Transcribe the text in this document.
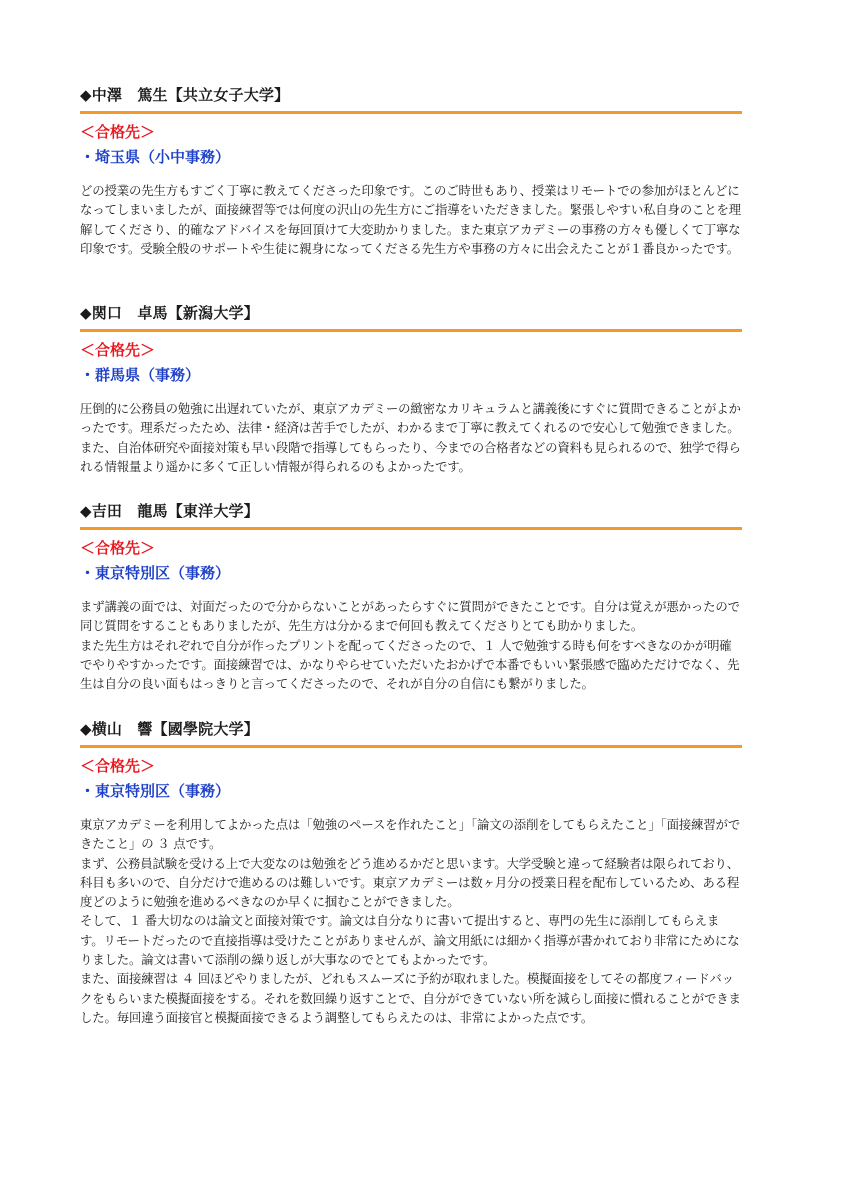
◆中澤　篤生【共立女子大学】
＜合格先＞
・埼玉県（小中事務）

どの授業の先生方もすごく丁寧に教えてくださった印象です。このご時世もあり、授業はリモートでの参加がほとんどになってしまいましたが、面接練習等では何度の沢山の先生方にご指導をいただきました。緊張しやすい私自身のことを理解してくださり、的確なアドバイスを毎回頂けて大変助かりました。また東京アカデミーの事務の方々も優しくて丁寧な印象です。受験全般のサポートや生徒に親身になってくださる先生方や事務の方々に出会えたことが１番良かったです。

◆関口　卓馬【新潟大学】
＜合格先＞
・群馬県（事務）

圧倒的に公務員の勉強に出遅れていたが、東京アカデミーの緻密なカリキュラムと講義後にすぐに質問できることがよかったです。理系だったため、法律・経済は苦手でしたが、わかるまで丁寧に教えてくれるので安心して勉強できました。また、自治体研究や面接対策も早い段階で指導してもらったり、今までの合格者などの資料も見られるので、独学で得られる情報量より遥かに多くて正しい情報が得られるのもよかったです。

◆吉田　龍馬【東洋大学】
＜合格先＞
・東京特別区（事務）

まず講義の面では、対面だったので分からないことがあったらすぐに質問ができたことです。自分は覚えが悪かったので同じ質問をすることもありましたが、先生方は分かるまで何回も教えてくださりとても助かりました。

また先生方はそれぞれで自分が作ったプリントを配ってくださったので、１ 人で勉強する時も何をすべきなのかが明確でやりやすかったです。面接練習では、かなりやらせていただいたおかげで本番でもいい緊張感で臨めただけでなく、先生は自分の良い面もはっきりと言ってくださったので、それが自分の自信にも繋がりました。

◆横山　響【國學院大学】
＜合格先＞
・東京特別区（事務）

東京アカデミーを利用してよかった点は「勉強のペースを作れたこと」「論文の添削をしてもらえたこと」「面接練習ができたこと」の ３ 点です。

まず、公務員試験を受ける上で大変なのは勉強をどう進めるかだと思います。大学受験と違って経験者は限られており、科目も多いので、自分だけで進めるのは難しいです。東京アカデミーは数ヶ月分の授業日程を配布しているため、ある程度どのように勉強を進めるべきなのか早くに掴むことができました。

そして、１ 番大切なのは論文と面接対策です。論文は自分なりに書いて提出すると、専門の先生に添削してもらえます。リモートだったので直接指導は受けたことがありませんが、論文用紙には細かく指導が書かれており非常にためになりました。論文は書いて添削の繰り返しが大事なのでとてもよかったです。

また、面接練習は ４ 回ほどやりましたが、どれもスムーズに予約が取れました。模擬面接をしてその都度フィードバックをもらいまた模擬面接をする。それを数回繰り返すことで、自分ができていない所を減らし面接に慣れることができました。毎回違う面接官と模擬面接できるよう調整してもらえたのは、非常によかった点です。
